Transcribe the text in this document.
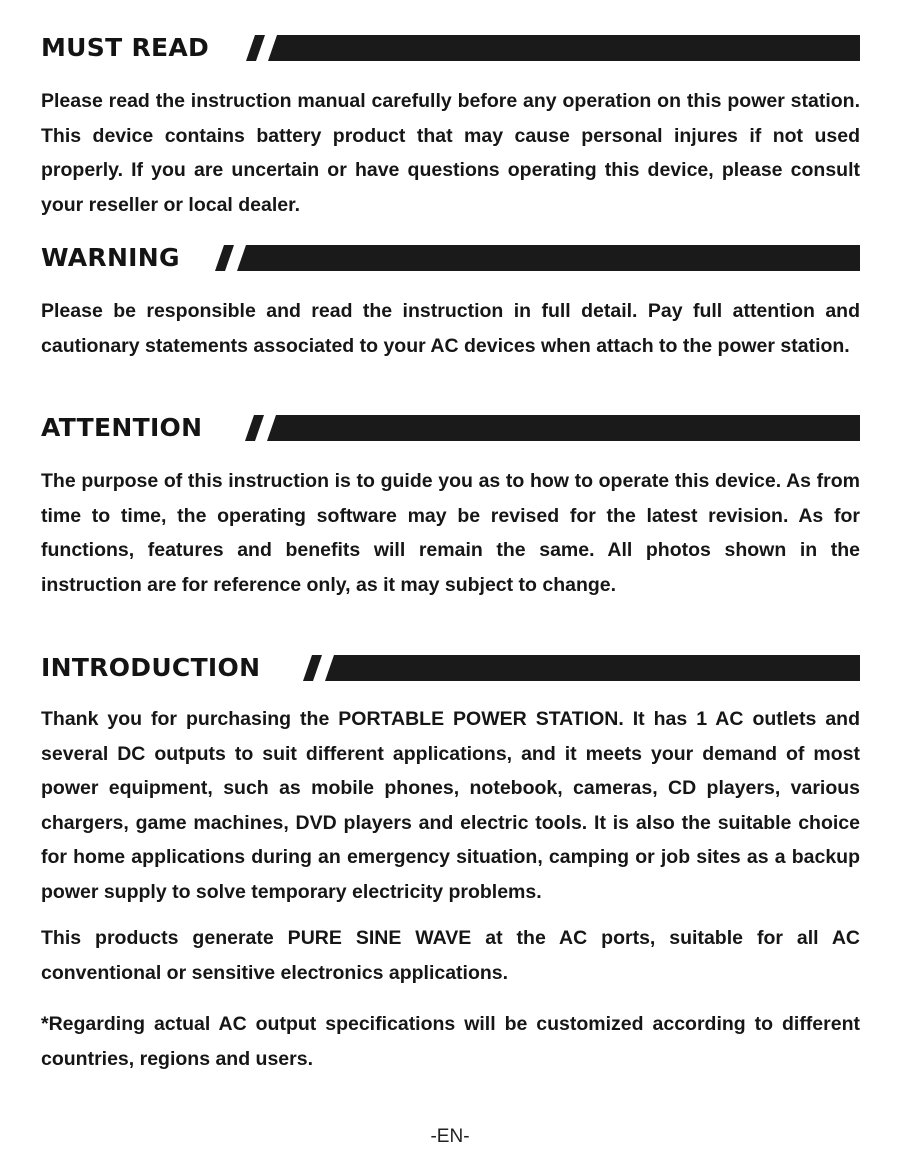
MUST READ

Please read the instruction manual carefully before any operation on this power station. This device contains battery product that may cause personal injures if not used properly. If you are uncertain or have questions operating this device, please consult your reseller or local dealer.

WARNING

Please be responsible and read the instruction in full detail. Pay full attention and cautionary statements associated to your AC devices when attach to the power station.

ATTENTION

The purpose of this instruction is to guide you as to how to operate this device. As from time to time, the operating software may be revised for the latest revision. As for functions, features and benefits will remain the same. All photos shown in the instruction are for reference only, as it may subject to change.

INTRODUCTION

Thank you for purchasing the PORTABLE POWER STATION. It has 1 AC outlets and several DC outputs to suit different applications, and it meets your demand of most power equipment, such as mobile phones, notebook, cameras, CD players, various chargers, game machines, DVD players and electric tools. It is also the suitable choice for home applications during an emergency situation, camping or job sites as a backup power supply to solve temporary electricity problems.

This products generate PURE SINE WAVE at the AC ports, suitable for all AC conventional or sensitive electronics applications.

*Regarding actual AC output specifications will be customized according to different countries, regions and users.

-EN-
